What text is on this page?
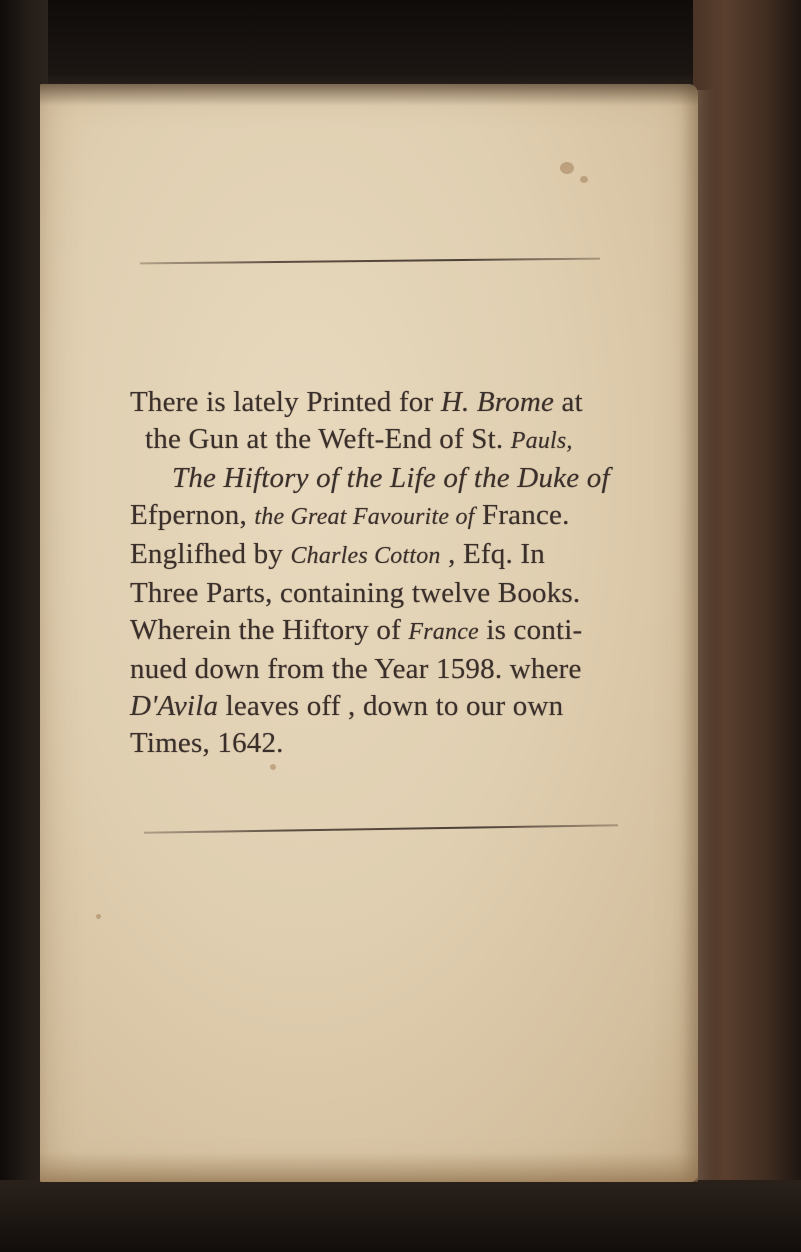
There is lately Printed for H. Brome at
the Gun at the Weft-End of St. Pauls,
The Hiftory of the Life of the Duke of
Efpernon, the Great Favourite of France.
Englifhed by Charles Cotton , Efq. In
Three Parts, containing twelve Books.
Wherein the Hiftory of France is conti-
nued down from the Year 1598. where
D'Avila leaves off , down to our own
Times, 1642.
